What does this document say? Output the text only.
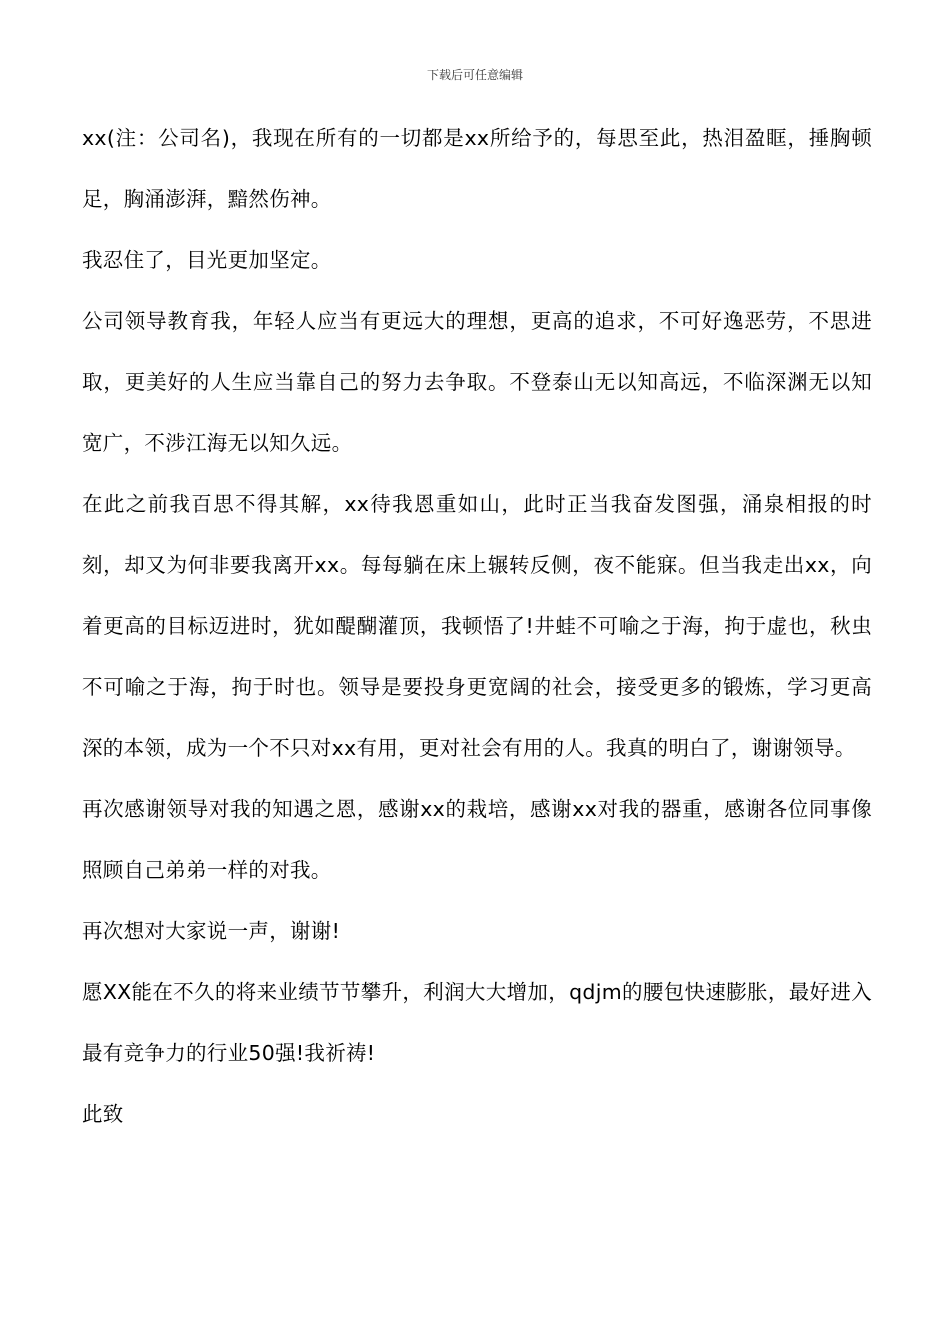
下载后可任意编辑

xx(注：公司名)，我现在所有的一切都是xx所给予的，每思至此，热泪盈眶，捶胸顿足，胸涌澎湃，黯然伤神。

我忍住了，目光更加坚定。

公司领导教育我，年轻人应当有更远大的理想，更高的追求，不可好逸恶劳，不思进取，更美好的人生应当靠自己的努力去争取。不登泰山无以知高远，不临深渊无以知宽广，不涉江海无以知久远。

在此之前我百思不得其解，xx待我恩重如山，此时正当我奋发图强，涌泉相报的时刻，却又为何非要我离开xx。每每躺在床上辗转反侧，夜不能寐。但当我走出xx，向着更高的目标迈进时，犹如醍醐灌顶，我顿悟了!井蛙不可喻之于海，拘于虚也，秋虫不可喻之于海，拘于时也。领导是要投身更宽阔的社会，接受更多的锻炼，学习更高深的本领，成为一个不只对xx有用，更对社会有用的人。我真的明白了，谢谢领导。

再次感谢领导对我的知遇之恩，感谢xx的栽培，感谢xx对我的器重，感谢各位同事像照顾自己弟弟一样的对我。

再次想对大家说一声，谢谢!

愿XX能在不久的将来业绩节节攀升，利润大大增加，qdjm的腰包快速膨胀，最好进入最有竞争力的行业50强!我祈祷!

此致
